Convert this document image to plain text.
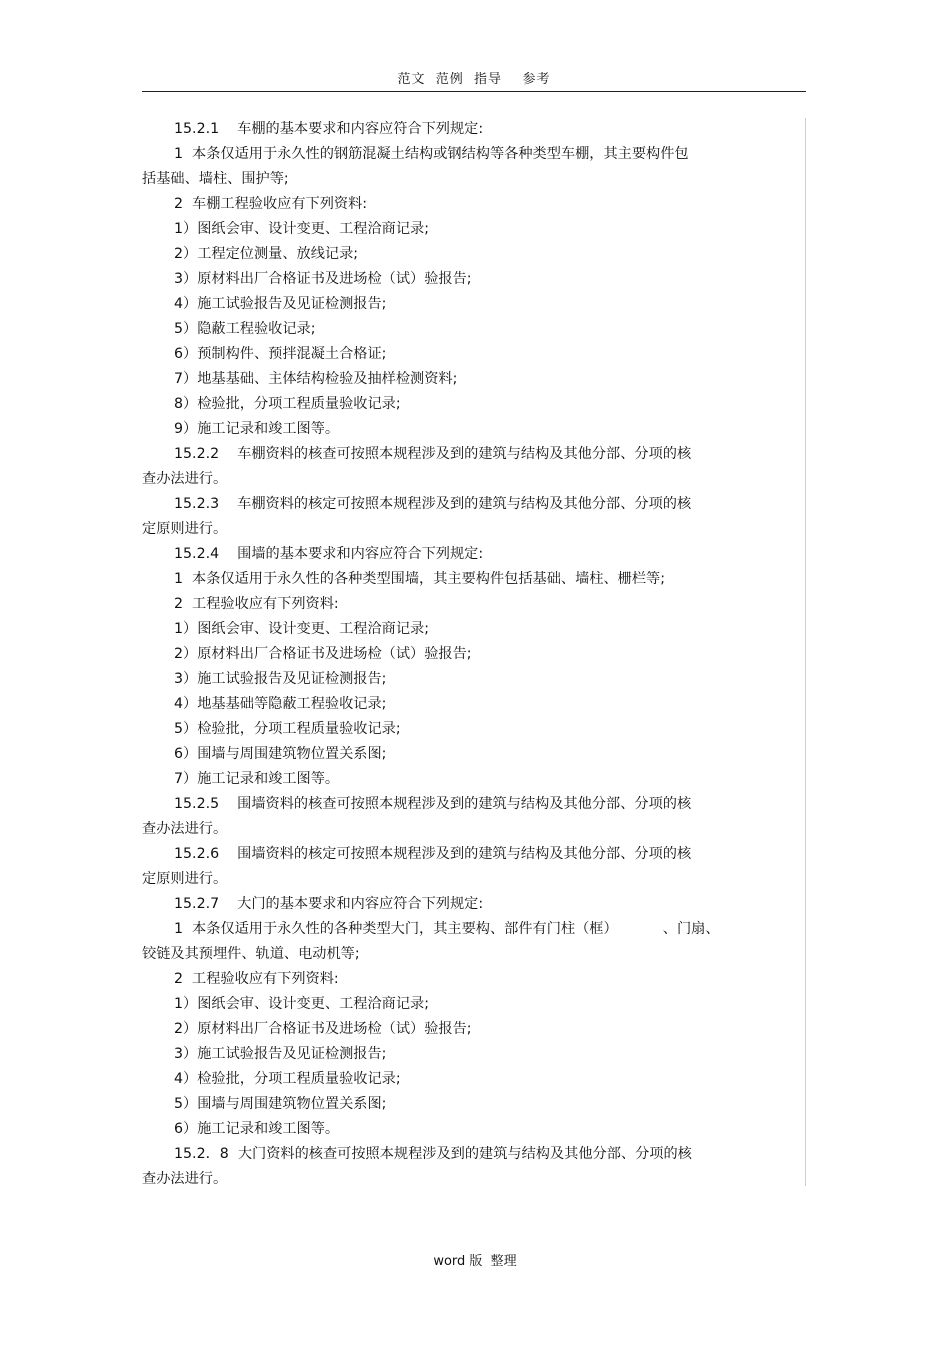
范文  范例  指导    参考
15.2.1    车棚的基本要求和内容应符合下列规定:
1  本条仅适用于永久性的钢筋混凝土结构或钢结构等各种类型车棚，其主要构件包
括基础、墙柱、围护等;
2  车棚工程验收应有下列资料:
1）图纸会审、设计变更、工程洽商记录;
2）工程定位测量、放线记录;
3）原材料出厂合格证书及进场检（试）验报告;
4）施工试验报告及见证检测报告;
5）隐蔽工程验收记录;
6）预制构件、预拌混凝土合格证;
7）地基基础、主体结构检验及抽样检测资料;
8）检验批，分项工程质量验收记录;
9）施工记录和竣工图等。
15.2.2    车棚资料的核查可按照本规程涉及到的建筑与结构及其他分部、分项的核
查办法进行。
15.2.3    车棚资料的核定可按照本规程涉及到的建筑与结构及其他分部、分项的核
定原则进行。
15.2.4    围墙的基本要求和内容应符合下列规定:
1  本条仅适用于永久性的各种类型围墙，其主要构件包括基础、墙柱、栅栏等;
2  工程验收应有下列资料:
1）图纸会审、设计变更、工程洽商记录;
2）原材料出厂合格证书及进场检（试）验报告;
3）施工试验报告及见证检测报告;
4）地基基础等隐蔽工程验收记录;
5）检验批，分项工程质量验收记录;
6）围墙与周围建筑物位置关系图;
7）施工记录和竣工图等。
15.2.5    围墙资料的核查可按照本规程涉及到的建筑与结构及其他分部、分项的核
查办法进行。
15.2.6    围墙资料的核定可按照本规程涉及到的建筑与结构及其他分部、分项的核
定原则进行。
15.2.7    大门的基本要求和内容应符合下列规定:
1  本条仅适用于永久性的各种类型大门，其主要构、部件有门柱（框）          、门扇、
铰链及其预埋件、轨道、电动机等;
2  工程验收应有下列资料:
1）图纸会审、设计变更、工程洽商记录;
2）原材料出厂合格证书及进场检（试）验报告;
3）施工试验报告及见证检测报告;
4）检验批，分项工程质量验收记录;
5）围墙与周围建筑物位置关系图;
6）施工记录和竣工图等。
15.2．8  大门资料的核查可按照本规程涉及到的建筑与结构及其他分部、分项的核
查办法进行。
word 版  整理
